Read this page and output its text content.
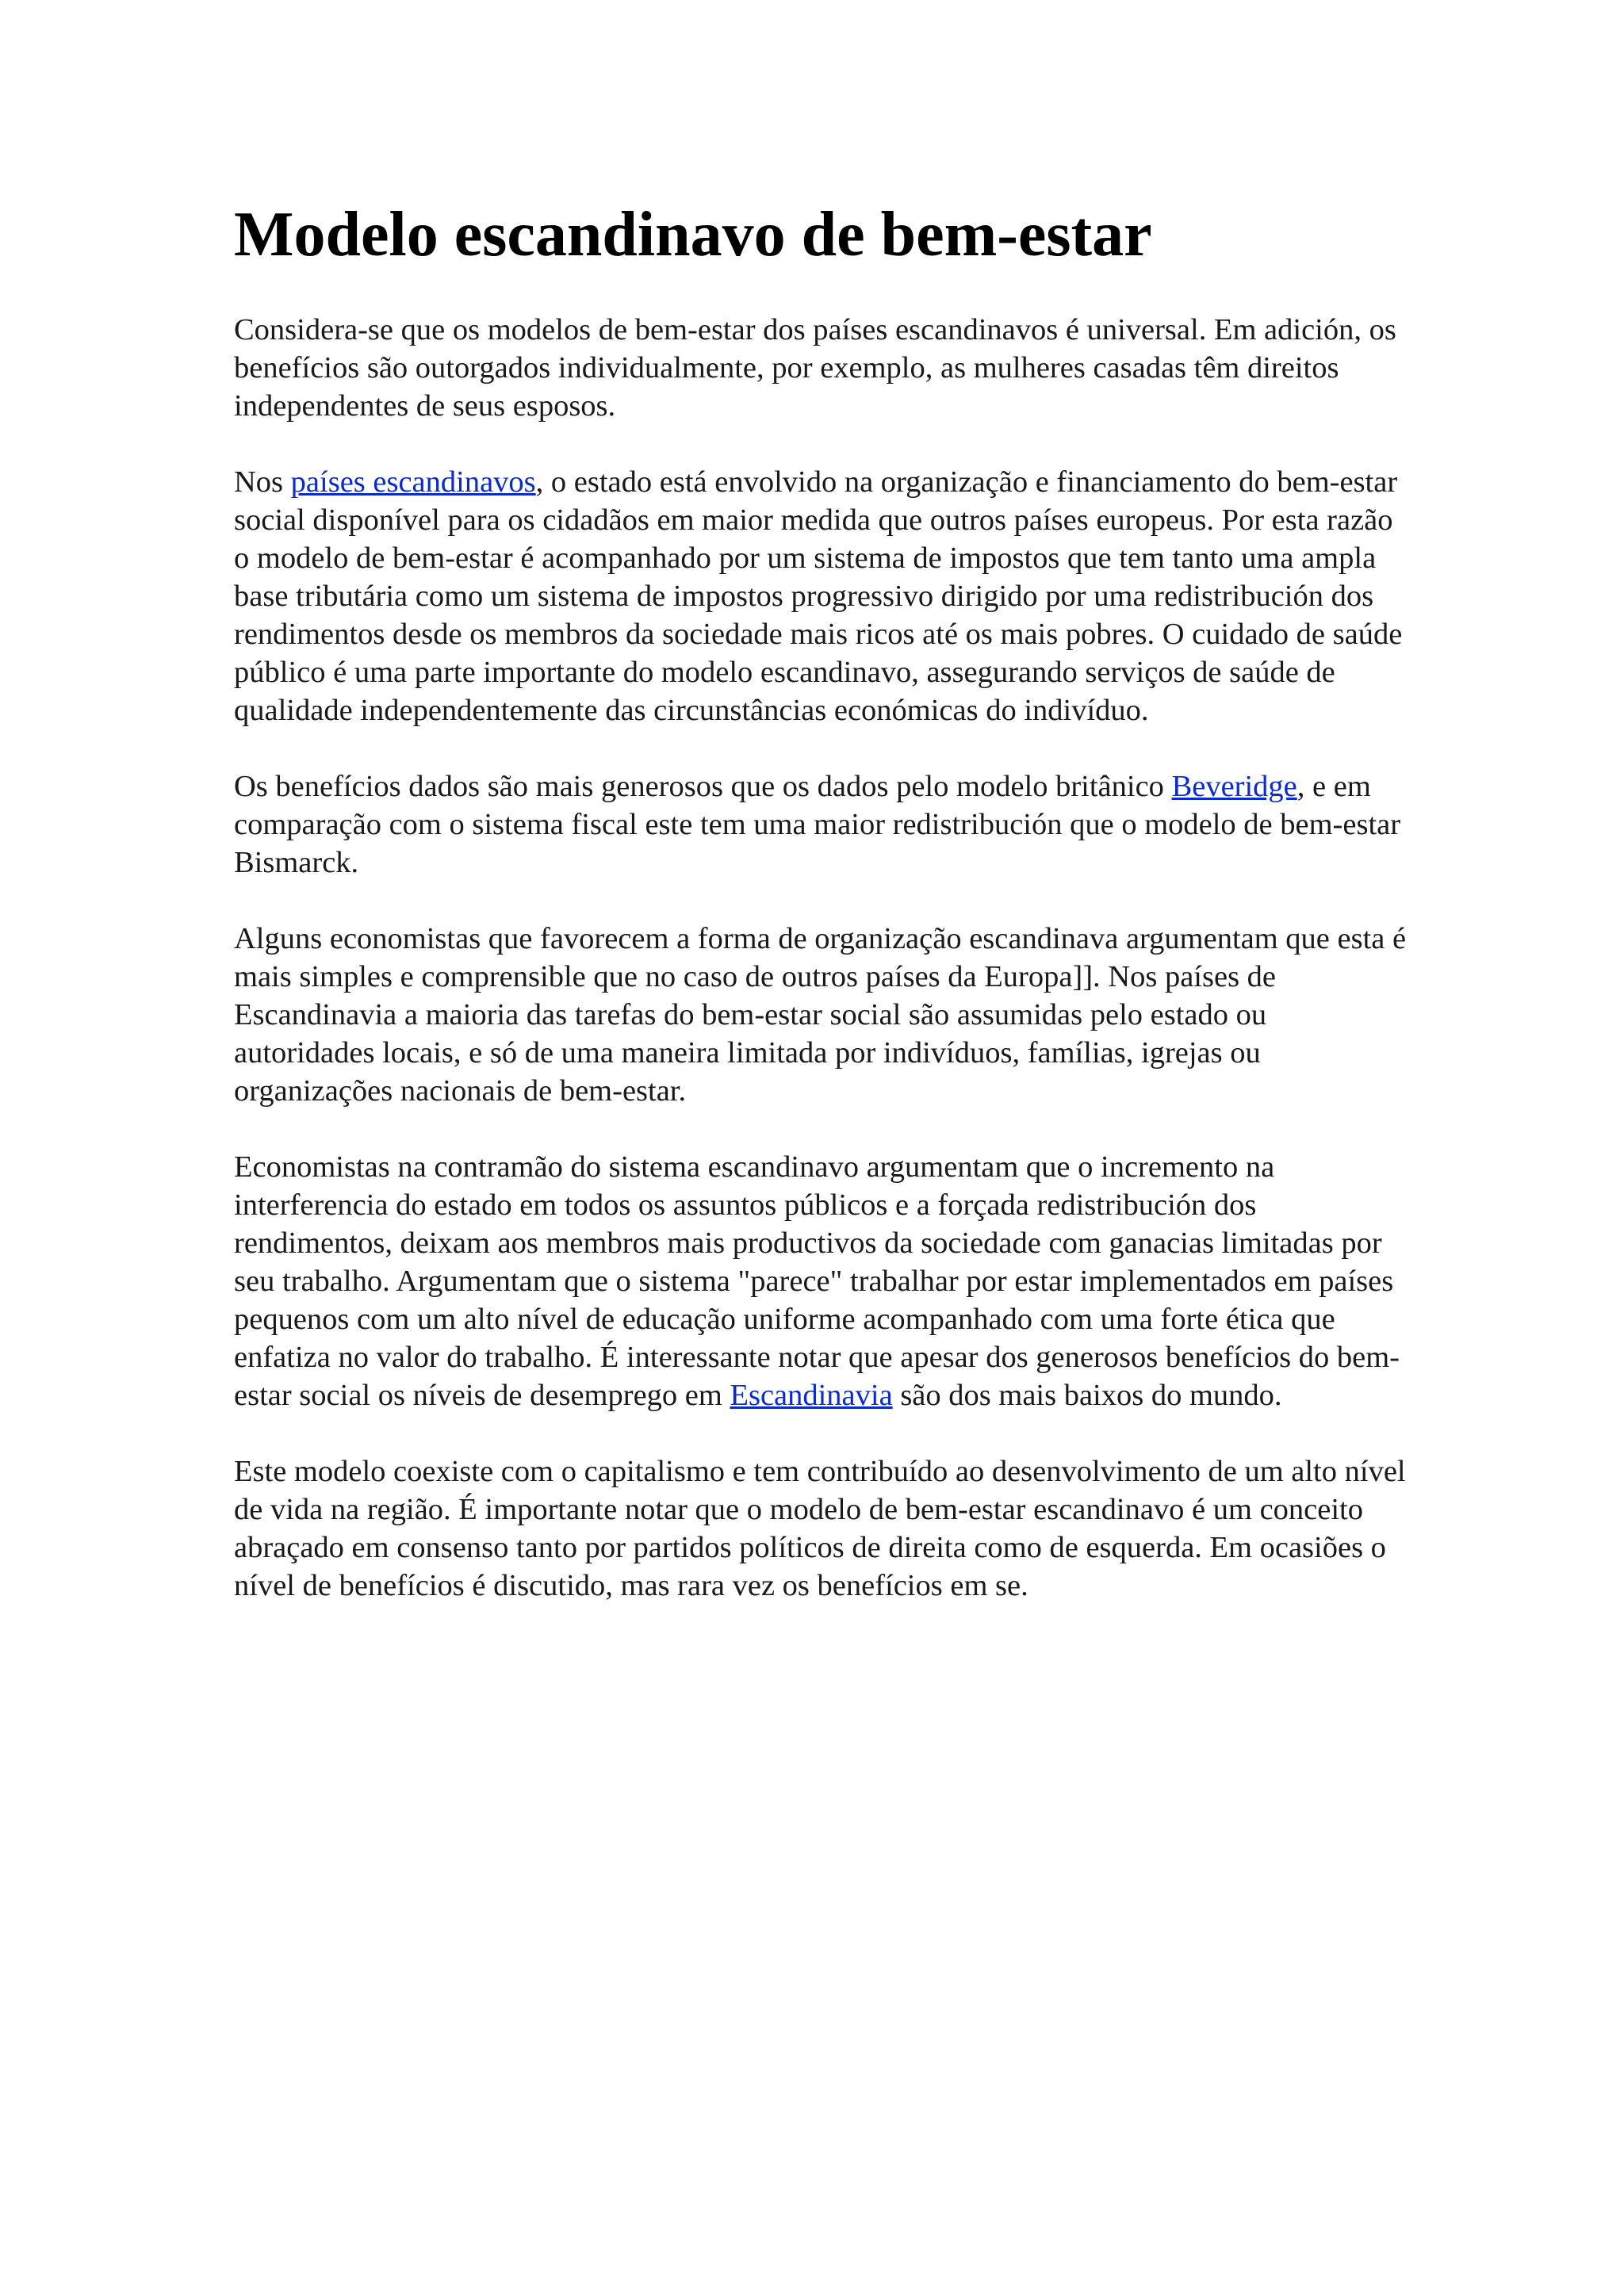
Modelo escandinavo de bem-estar

Considera-se que os modelos de bem-estar dos países escandinavos é universal. Em adición, os benefícios são outorgados individualmente, por exemplo, as mulheres casadas têm direitos independentes de seus esposos.

Nos países escandinavos, o estado está envolvido na organização e financiamento do bem-estar social disponível para os cidadãos em maior medida que outros países europeus. Por esta razão o modelo de bem-estar é acompanhado por um sistema de impostos que tem tanto uma ampla base tributária como um sistema de impostos progressivo dirigido por uma redistribución dos rendimentos desde os membros da sociedade mais ricos até os mais pobres. O cuidado de saúde público é uma parte importante do modelo escandinavo, assegurando serviços de saúde de qualidade independentemente das circunstâncias económicas do indivíduo.

Os benefícios dados são mais generosos que os dados pelo modelo britânico Beveridge, e em comparação com o sistema fiscal este tem uma maior redistribución que o modelo de bem-estar Bismarck.

Alguns economistas que favorecem a forma de organização escandinava argumentam que esta é mais simples e comprensible que no caso de outros países da Europa]]. Nos países de Escandinavia a maioria das tarefas do bem-estar social são assumidas pelo estado ou autoridades locais, e só de uma maneira limitada por indivíduos, famílias, igrejas ou organizações nacionais de bem-estar.

Economistas na contramão do sistema escandinavo argumentam que o incremento na interferencia do estado em todos os assuntos públicos e a forçada redistribución dos rendimentos, deixam aos membros mais productivos da sociedade com ganacias limitadas por seu trabalho. Argumentam que o sistema "parece" trabalhar por estar implementados em países pequenos com um alto nível de educação uniforme acompanhado com uma forte ética que enfatiza no valor do trabalho. É interessante notar que apesar dos generosos benefícios do bem-estar social os níveis de desemprego em Escandinavia são dos mais baixos do mundo.

Este modelo coexiste com o capitalismo e tem contribuído ao desenvolvimento de um alto nível de vida na região. É importante notar que o modelo de bem-estar escandinavo é um conceito abraçado em consenso tanto por partidos políticos de direita como de esquerda. Em ocasiões o nível de benefícios é discutido, mas rara vez os benefícios em se.
